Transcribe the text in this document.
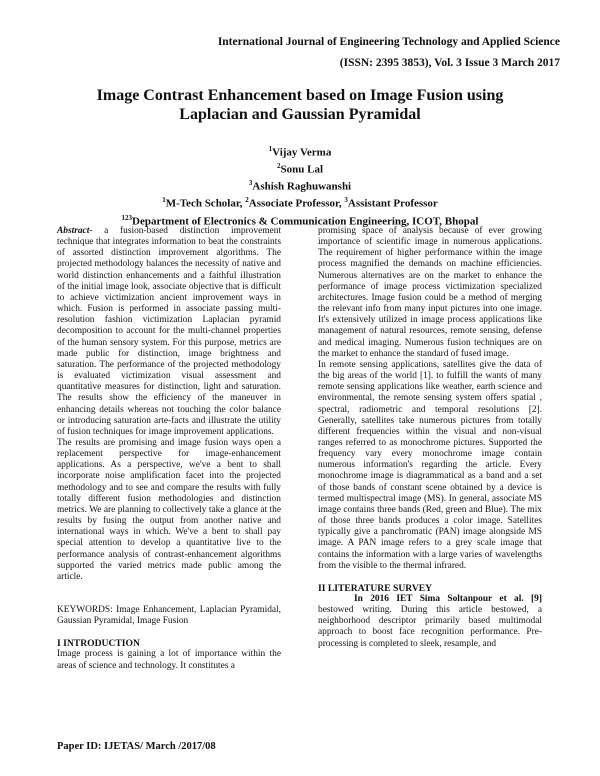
International Journal of Engineering Technology and Applied Science
(ISSN: 2395 3853), Vol. 3 Issue 3 March 2017
Image Contrast Enhancement based on Image Fusion using
Laplacian and Gaussian Pyramidal
$^1$Vijay Verma
$^2$Sonu Lal
$^3$Ashish Raghuwanshi
$^1$M-Tech Scholar, $^2$Associate Professor, $^3$Assistant Professor
$^{123}$Department of Electronics & Communication Engineering, ICOT, Bhopal

Abstract- a fusion-based distinction improvement technique that integrates information to beat the constraints of assorted distinction improvement algorithms. The projected methodology balances the necessity of native and world distinction enhancements and a faithful illustration of the initial image look, associate objective that is difficult to achieve victimization ancient improvement ways in which. Fusion is performed in associate passing multi-resolution fashion victimization Laplacian pyramid decomposition to account for the multi-channel properties of the human sensory system. For this purpose, metrics are made public for distinction, image brightness and saturation. The performance of the projected methodology is evaluated victimization visual assessment and quantitative measures for distinction, light and saturation. The results show the efficiency of the maneuver in enhancing details whereas not touching the color balance or introducing saturation arte-facts and illustrate the utility of fusion techniques for image improvement applications.

The results are promising and image fusion ways open a replacement perspective for image-enhancement applications. As a perspective, we've a bent to shall incorporate noise amplification facet into the projected methodology and to see and compare the results with fully totally different fusion methodologies and distinction metrics. We are planning to collectively take a glance at the results by fusing the output from another native and international ways in which. We've a bent to shall pay special attention to develop a quantitative live to the performance analysis of contrast-enhancement algorithms supported the varied metrics made public among the article.

KEYWORDS: Image Enhancement, Laplacian Pyramidal, Gaussian Pyramidal, Image Fusion

I INTRODUCTION

Image process is gaining a lot of importance within the areas of science and technology. It constitutes a

promising space of analysis because of ever growing importance of scientific image in numerous applications. The requirement of higher performance within the image process magnified the demands on machine efficiencies. Numerous alternatives are on the market to enhance the performance of image process victimization specialized architectures. Image fusion could be a method of merging the relevant info from many input pictures into one image. It's extensively utilized in image process applications like management of natural resources, remote sensing, defense and medical imaging. Numerous fusion techniques are on the market to enhance the standard of fused image.

In remote sensing applications, satellites give the data of the big areas of the world [1]. to fulfill the wants of many remote sensing applications like weather, earth science and environmental, the remote sensing system offers spatial , spectral, radiometric and temporal resolutions [2]. Generally, satellites take numerous pictures from totally different frequencies within the visual and non-visual ranges referred to as monochrome pictures. Supported the frequency vary every monochrome image contain numerous information's regarding the article. Every monochrome image is diagrammatical as a band and a set of those bands of constant scene obtained by a device is termed multispectral image (MS). In general, associate MS image contains three bands (Red, green and Blue). The mix of those three bands produces a color image. Satellites typically give a panchromatic (PAN) image alongside MS image. A PAN image refers to a grey scale image that contains the information with a large varies of wavelengths from the visible to the thermal infrared.

II LITERATURE SURVEY

In 2016 IET Sima Soltanpour et al. [9] bestowed writing. During this article bestowed, a neighborhood descriptor primarily based multimodal approach to boost face recognition performance. Pre-processing is completed to sleek, resample, and

Paper ID: IJETAS/ March /2017/08
